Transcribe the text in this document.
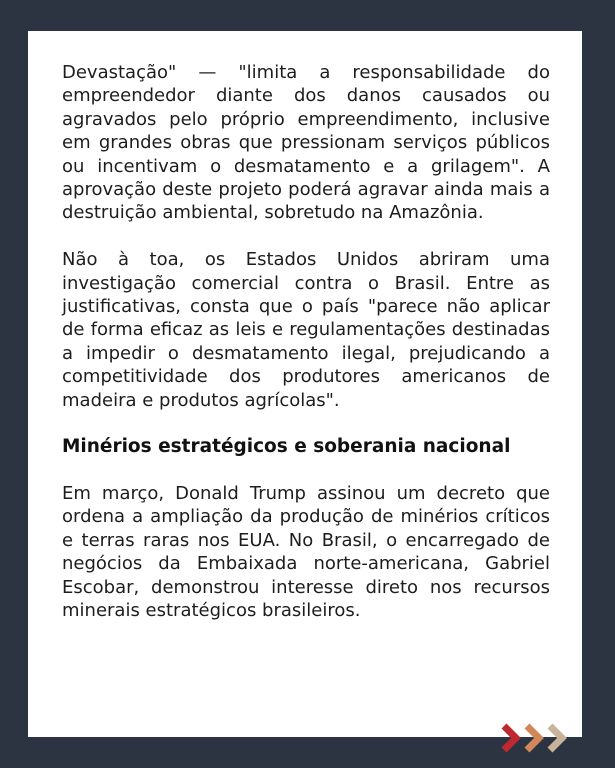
Devastação" — "limita a responsabilidade do empreendedor diante dos danos causados ou agravados pelo próprio empreendimento, inclusive em grandes obras que pressionam serviços públicos ou incentivam o desmatamento e a grilagem". A aprovação deste projeto poderá agravar ainda mais a destruição ambiental, sobretudo na Amazônia.

Não à toa, os Estados Unidos abriram uma investigação comercial contra o Brasil. Entre as justificativas, consta que o país "parece não aplicar de forma eficaz as leis e regulamentações destinadas a impedir o desmatamento ilegal, prejudicando a competitividade dos produtores americanos de madeira e produtos agrícolas".

Minérios estratégicos e soberania nacional

Em março, Donald Trump assinou um decreto que ordena a ampliação da produção de minérios críticos e terras raras nos EUA. No Brasil, o encarregado de negócios da Embaixada norte-americana, Gabriel Escobar, demonstrou interesse direto nos recursos minerais estratégicos brasileiros.
